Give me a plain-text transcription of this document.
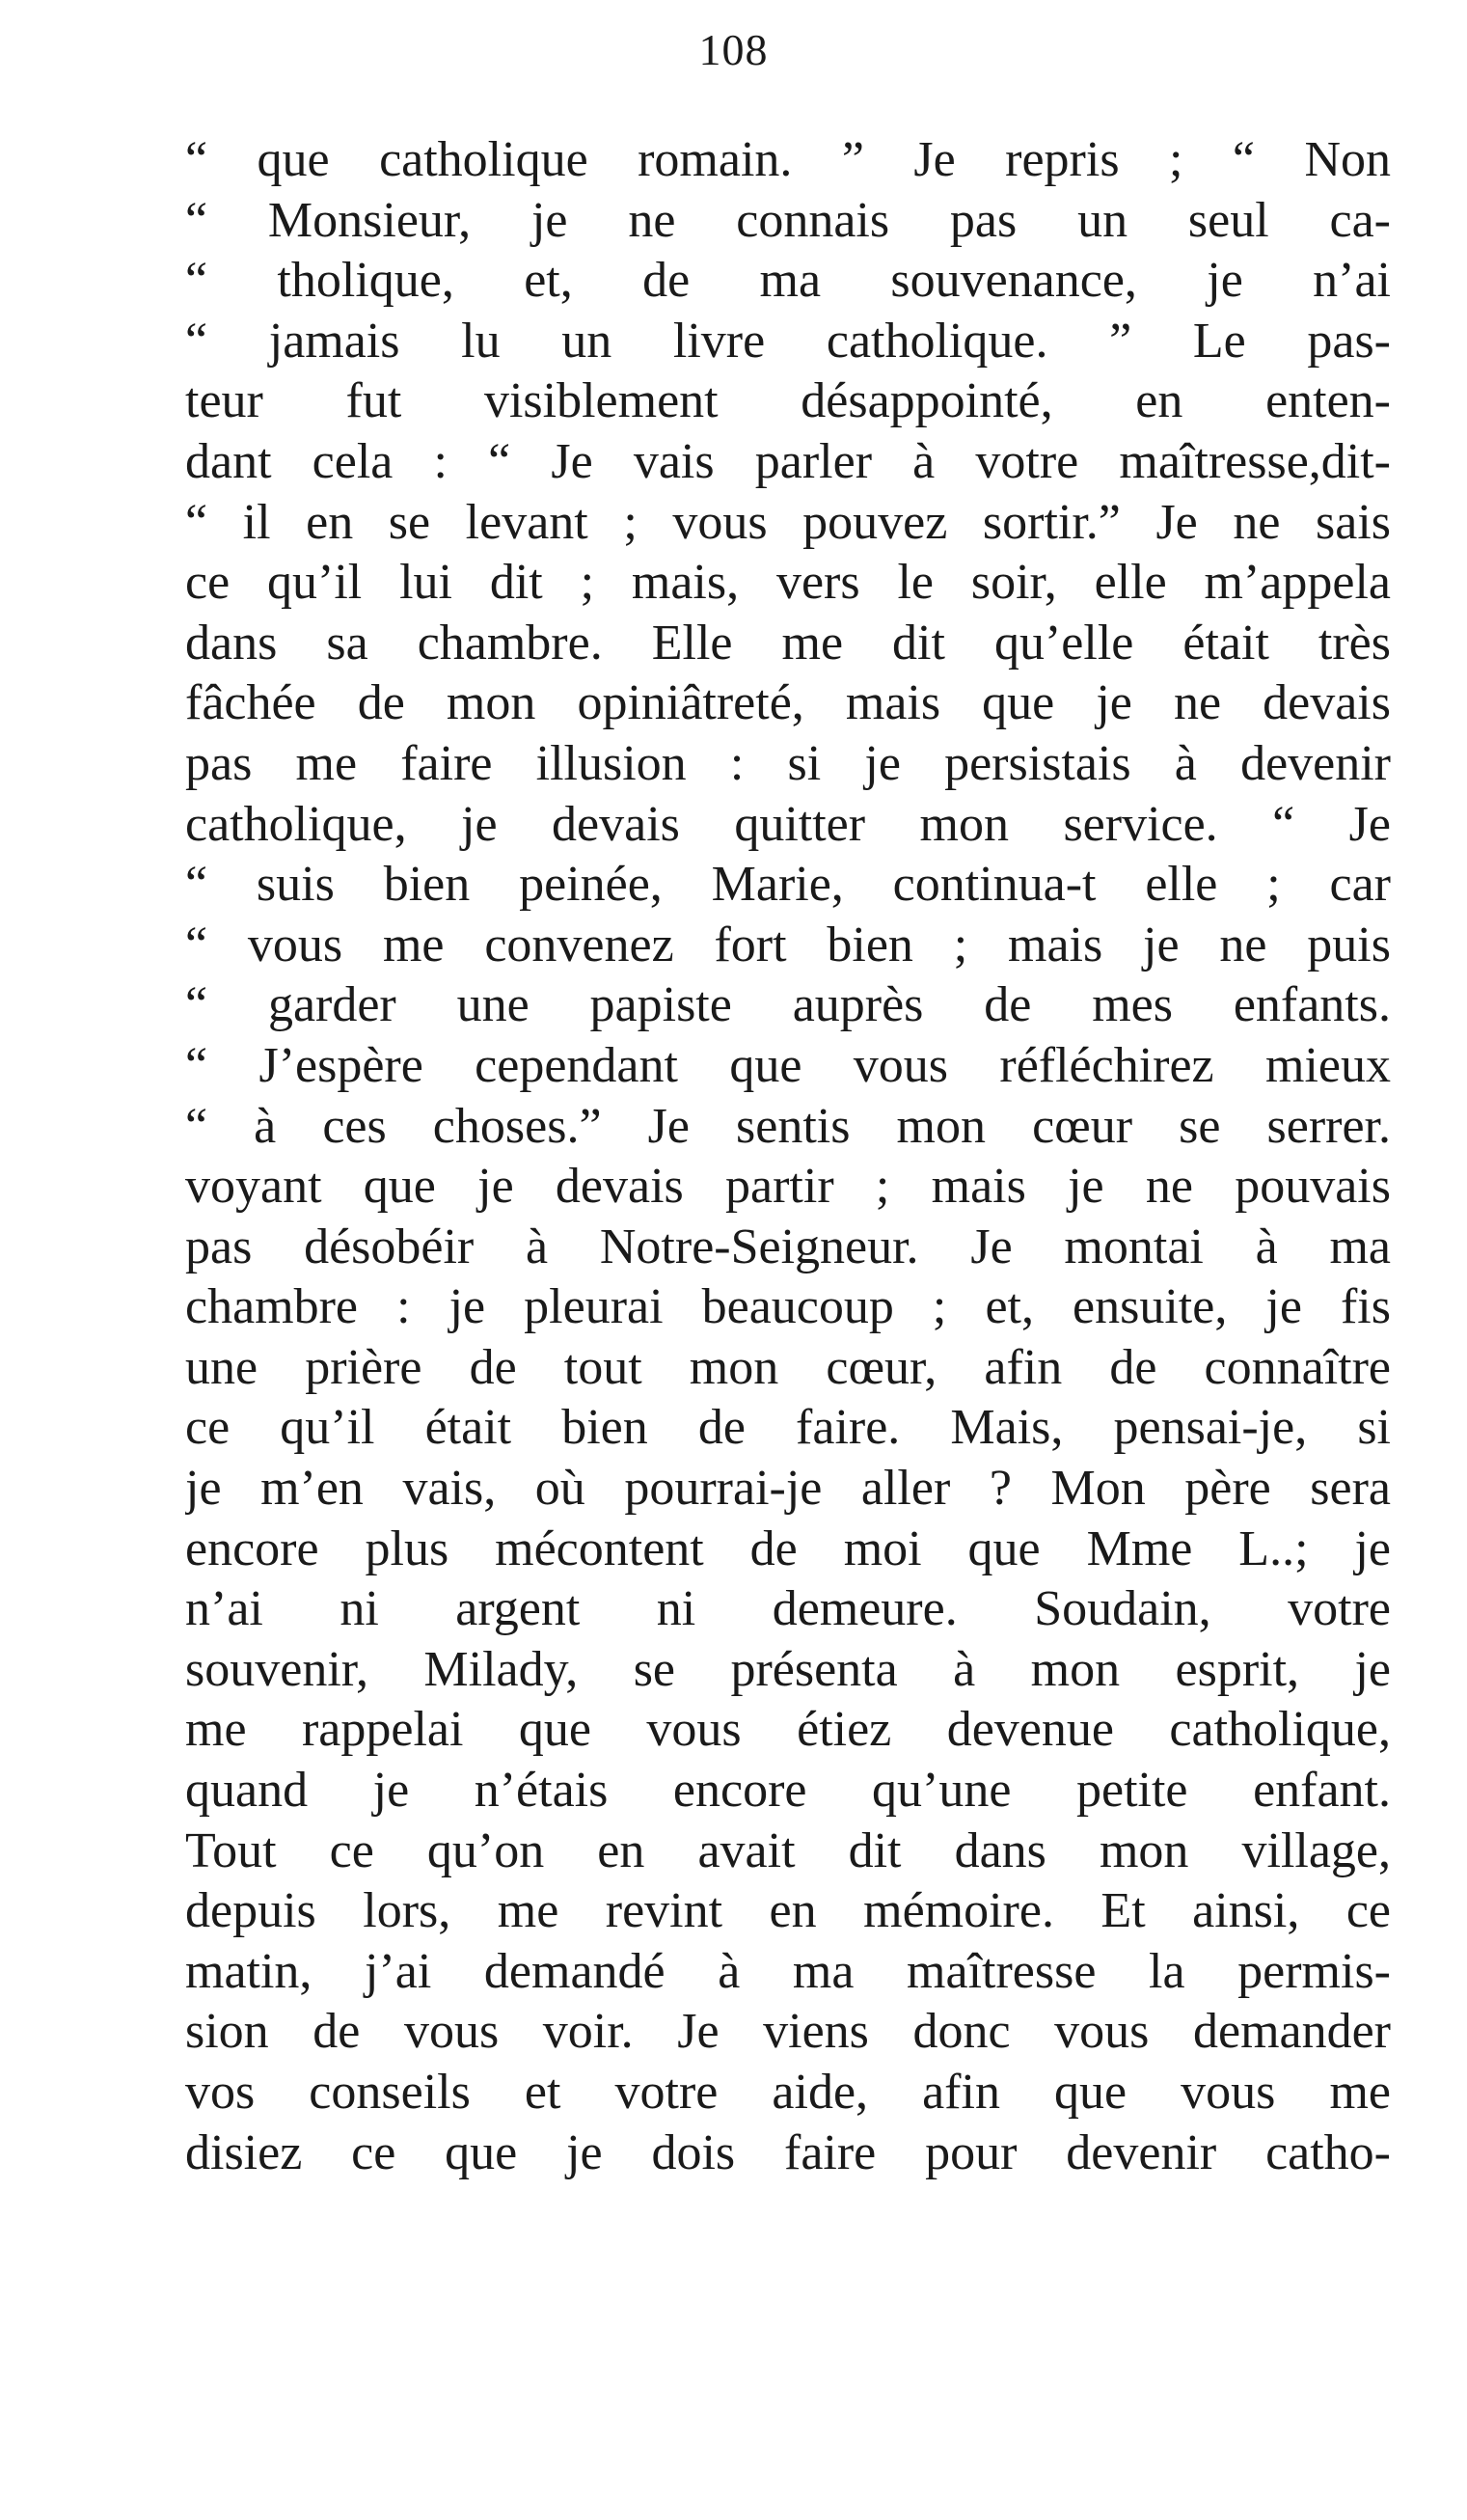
108
“ que catholique romain. ” Je repris ; “ Non
“ Monsieur, je ne connais pas un seul ca-
“ tholique, et, de ma souvenance, je n’ai
“ jamais lu un livre catholique. ” Le pas-
teur fut visiblement désappointé, en enten-
dant cela : “ Je vais parler à votre maîtresse,dit-
“ il en se levant ; vous pouvez sortir.” Je ne sais
ce qu’il lui dit ; mais, vers le soir, elle m’appela
dans sa chambre. Elle me dit qu’elle était très
fâchée de mon opiniâtreté, mais que je ne devais
pas me faire illusion : si je persistais à devenir
catholique, je devais quitter mon service. “ Je
“ suis bien peinée, Marie, continua-t elle ; car
“ vous me convenez fort bien ; mais je ne puis
“ garder une papiste auprès de mes enfants.
“ J’espère cependant que vous réfléchirez mieux
“ à ces choses.” Je sentis mon cœur se serrer.
voyant que je devais partir ; mais je ne pouvais
pas désobéir à Notre-Seigneur. Je montai à ma
chambre : je pleurai beaucoup ; et, ensuite, je fis
une prière de tout mon cœur, afin de connaître
ce qu’il était bien de faire. Mais, pensai-je, si
je m’en vais, où pourrai-je aller ? Mon père sera
encore plus mécontent de moi que Mme L..; je
n’ai ni argent ni demeure. Soudain, votre
souvenir, Milady, se présenta à mon esprit, je
me rappelai que vous étiez devenue catholique,
quand je n’étais encore qu’une petite enfant.
Tout ce qu’on en avait dit dans mon village,
depuis lors, me revint en mémoire. Et ainsi, ce
matin, j’ai demandé à ma maîtresse la permis-
sion de vous voir. Je viens donc vous demander
vos conseils et votre aide, afin que vous me
disiez ce que je dois faire pour devenir catho-
